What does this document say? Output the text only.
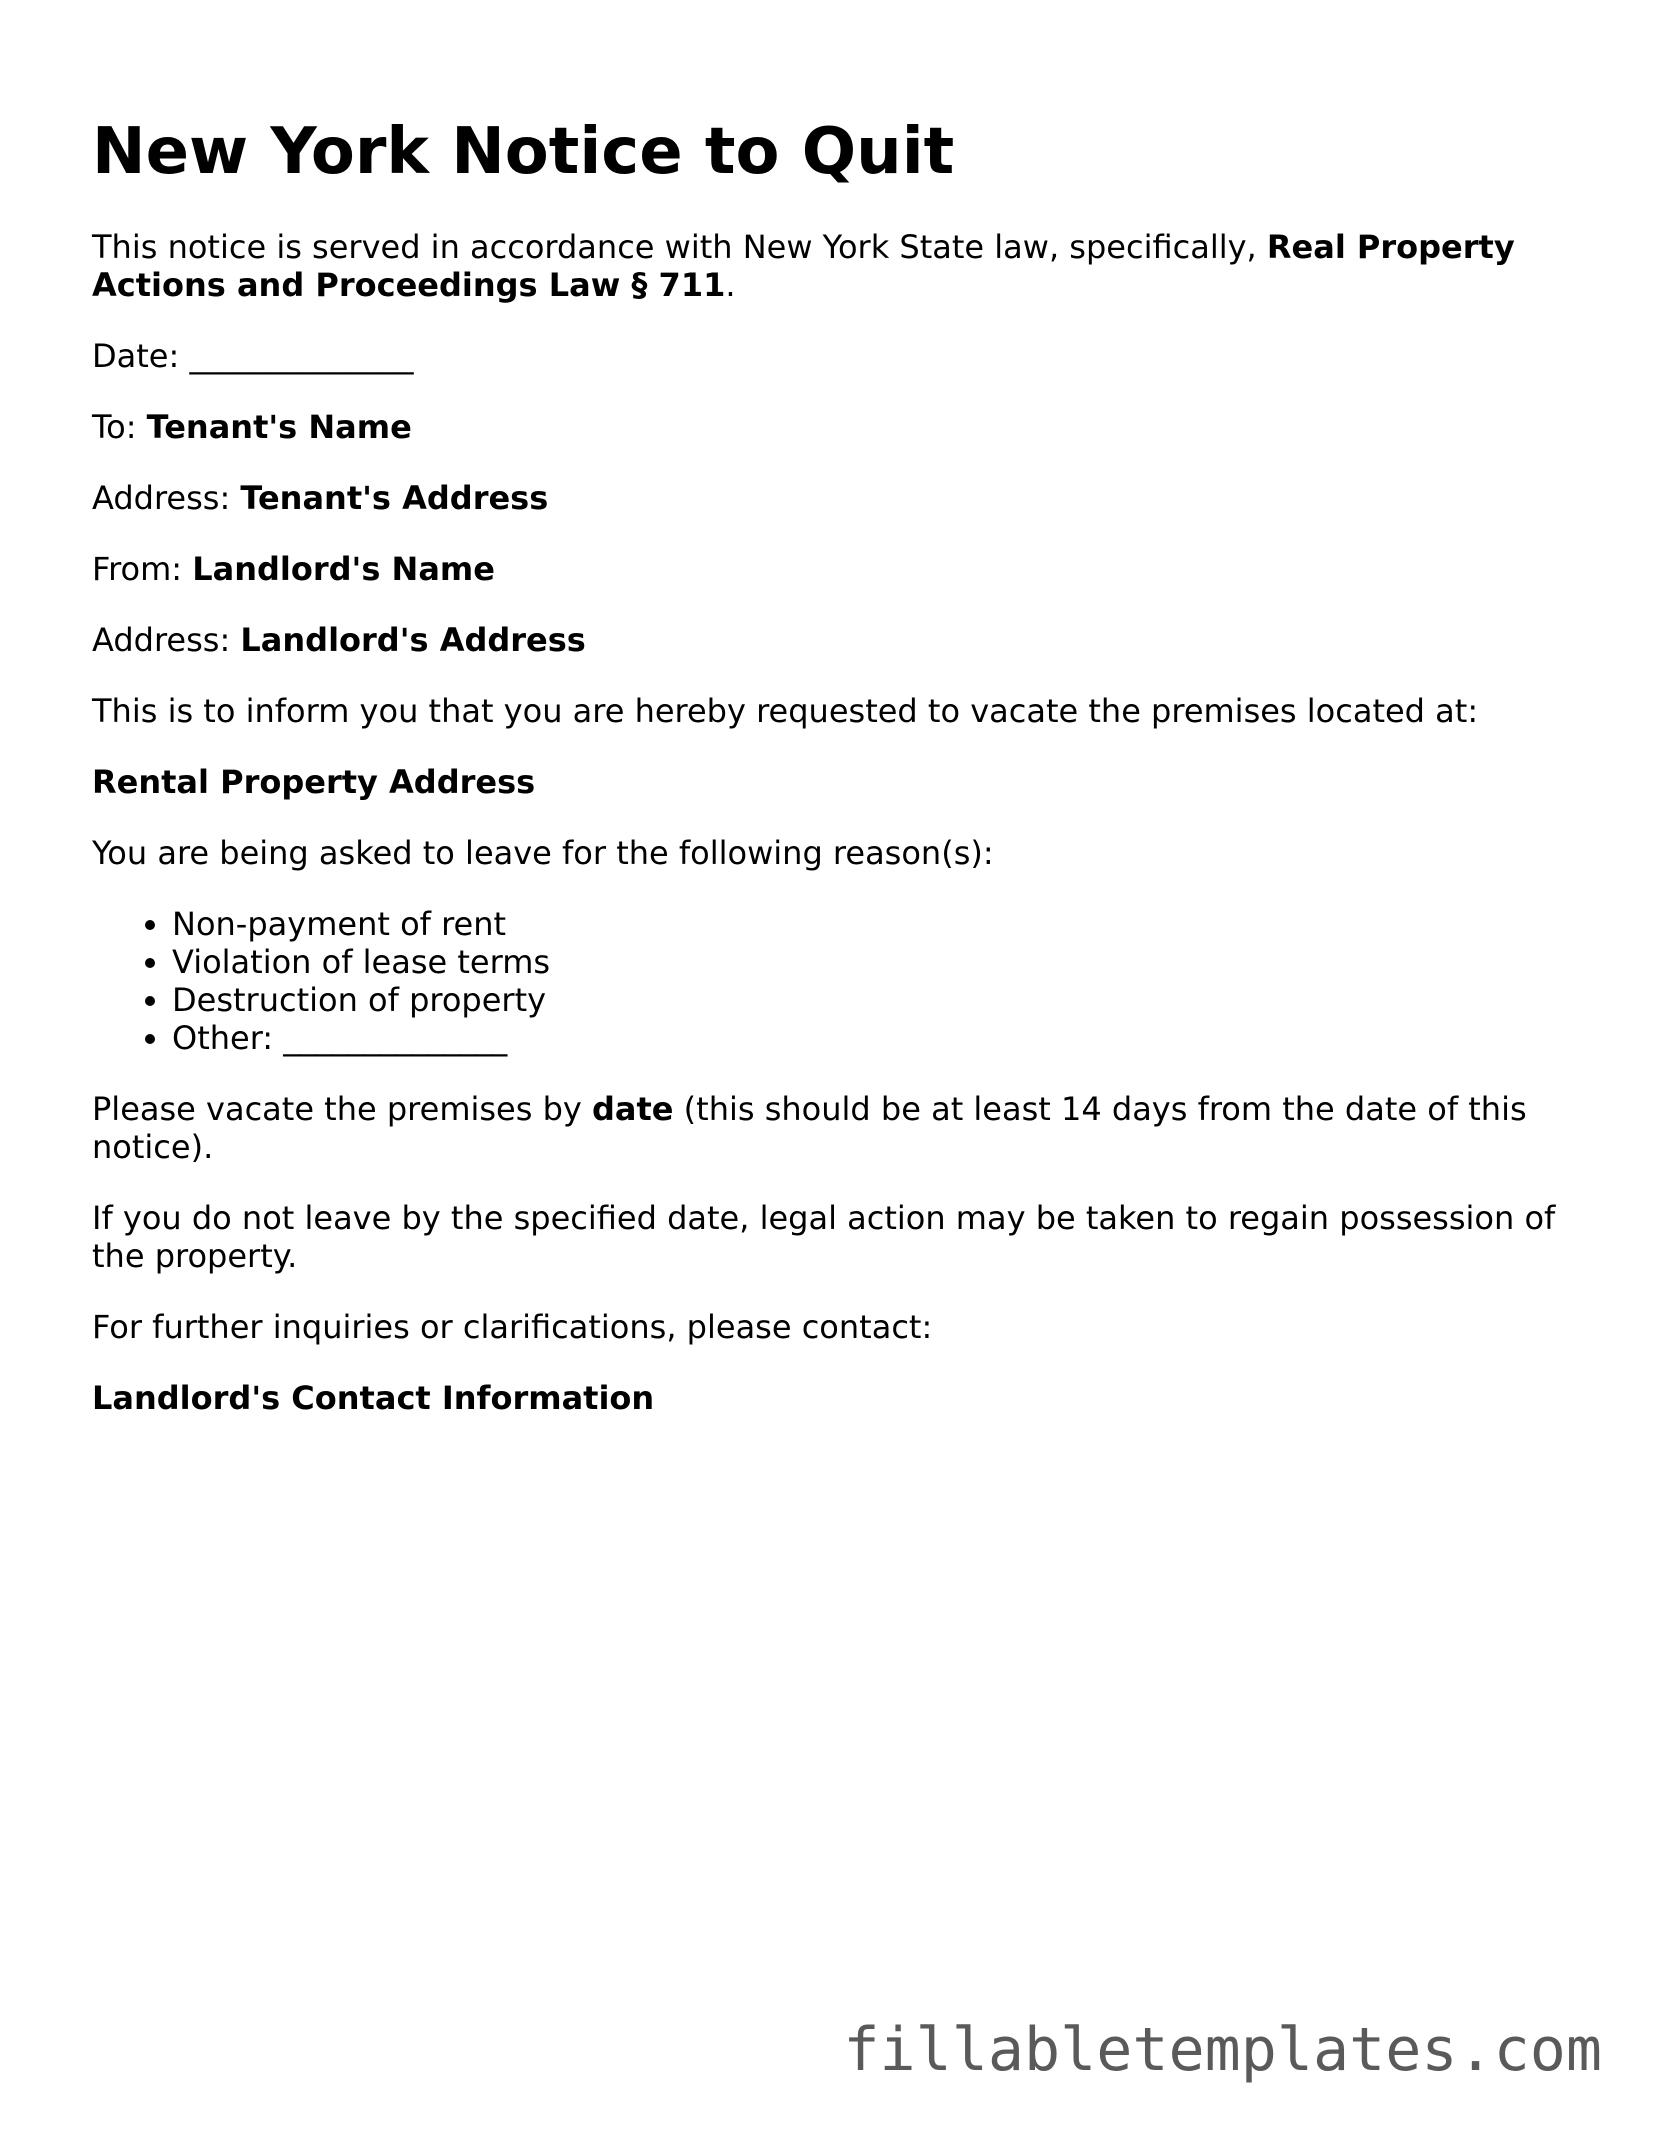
New York Notice to Quit

This notice is served in accordance with New York State law, specifically, Real Property Actions and Proceedings Law § 711.

Date: ______________

To: Tenant's Name

Address: Tenant's Address

From: Landlord's Name

Address: Landlord's Address

This is to inform you that you are hereby requested to vacate the premises located at:

Rental Property Address

You are being asked to leave for the following reason(s):

• Non-payment of rent
• Violation of lease terms
• Destruction of property
• Other: ______________

Please vacate the premises by date (this should be at least 14 days from the date of this notice).

If you do not leave by the specified date, legal action may be taken to regain possession of the property.

For further inquiries or clarifications, please contact:

Landlord's Contact Information

fillabletemplates.com
